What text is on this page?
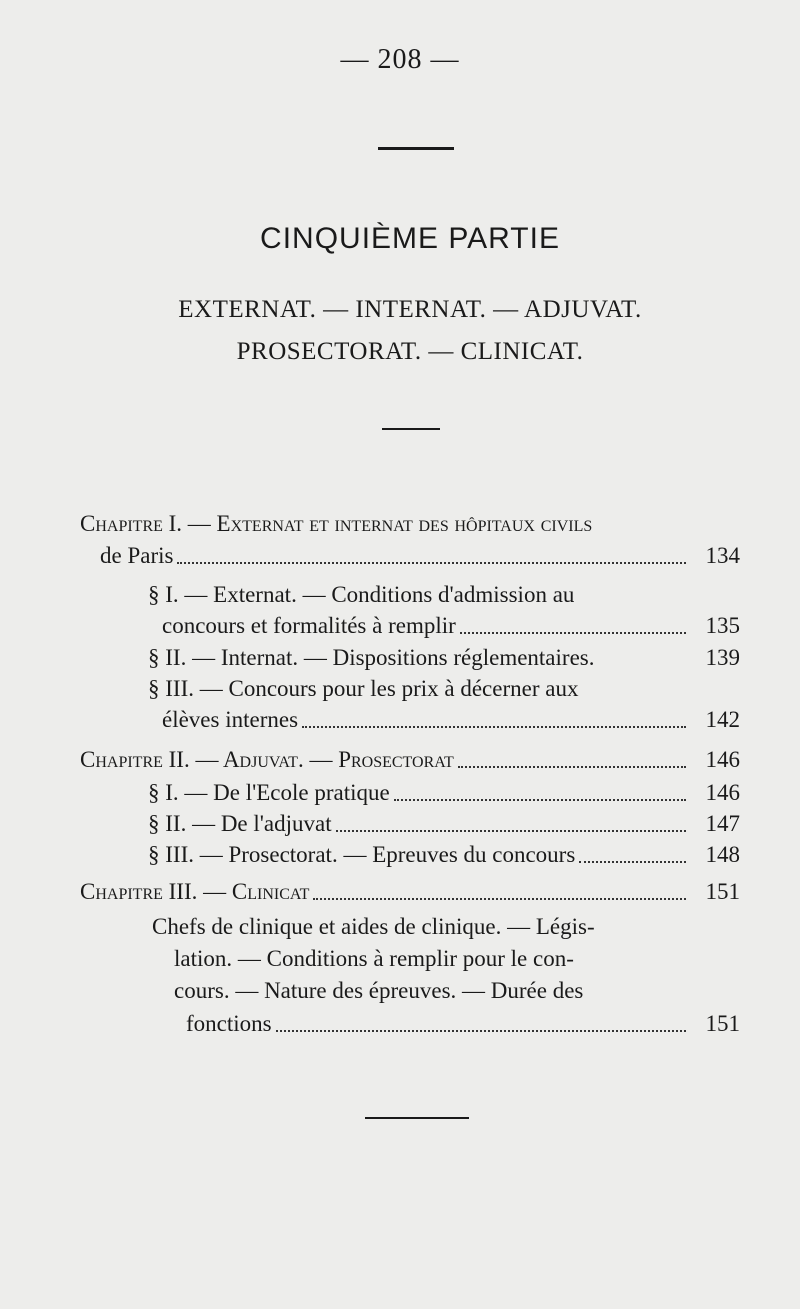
— 208 —
CINQUIÈME PARTIE
EXTERNAT. — INTERNAT. — ADJUVAT.
PROSECTORAT. — CLINICAT.
Chapitre I. — Externat et internat des hôpitaux civils
de Paris	134
§ I. — Externat. — Conditions d'admission au
concours et formalités à remplir	135
§ II. — Internat. — Dispositions réglementaires.	139
§ III. — Concours pour les prix à décerner aux
élèves internes	142
Chapitre II. — Adjuvat. — Prosectorat	146
§ I. — De l'Ecole pratique	146
§ II. — De l'adjuvat	147
§ III. — Prosectorat. — Epreuves du concours	148
Chapitre III. — Clinicat	151
Chefs de clinique et aides de clinique. — Légis-
lation. — Conditions à remplir pour le con-
cours. — Nature des épreuves. — Durée des
fonctions	151
